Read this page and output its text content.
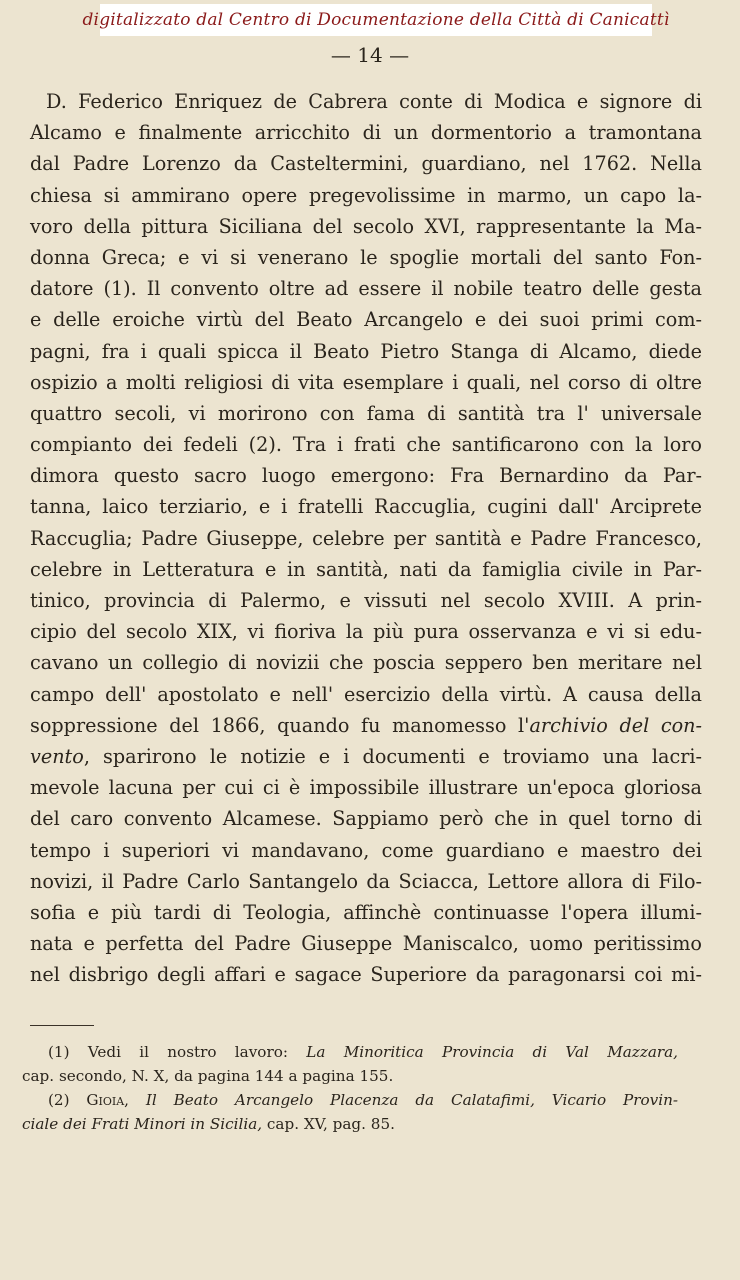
digitalizzato dal Centro di Documentazione della Città di Canicattì
— 14 —
D. Federico Enriquez de Cabrera conte di Modica e signore di
Alcamo e finalmente arricchito di un dormentorio a tramontana
dal Padre Lorenzo da Casteltermini, guardiano, nel 1762. Nella
chiesa si ammirano opere pregevolissime in marmo, un capo la-
voro della pittura Siciliana del secolo XVI, rappresentante la Ma-
donna Greca; e vi si venerano le spoglie mortali del santo Fon-
datore (1). Il convento oltre ad essere il nobile teatro delle gesta
e delle eroiche virtù del Beato Arcangelo e dei suoi primi com-
pagni, fra i quali spicca il Beato Pietro Stanga di Alcamo, diede
ospizio a molti religiosi di vita esemplare i quali, nel corso di oltre
quattro secoli, vi morirono con fama di santità tra l' universale
compianto dei fedeli (2). Tra i frati che santificarono con la loro
dimora questo sacro luogo emergono: Fra Bernardino da Par-
tanna, laico terziario, e i fratelli Raccuglia, cugini dall' Arciprete
Raccuglia; Padre Giuseppe, celebre per santità e Padre Francesco,
celebre in Letteratura e in santità, nati da famiglia civile in Par-
tinico, provincia di Palermo, e vissuti nel secolo XVIII. A prin-
cipio del secolo XIX, vi fioriva la più pura osservanza e vi si edu-
cavano un collegio di novizii che poscia seppero ben meritare nel
campo dell' apostolato e nell' esercizio della virtù. A causa della
soppressione del 1866, quando fu manomesso l'archivio del con-
vento, sparirono le notizie e i documenti e troviamo una lacri-
mevole lacuna per cui ci è impossibile illustrare un'epoca gloriosa
del caro convento Alcamese. Sappiamo però che in quel torno di
tempo i superiori vi mandavano, come guardiano e maestro dei
novizi, il Padre Carlo Santangelo da Sciacca, Lettore allora di Filo-
sofia e più tardi di Teologia, affinchè continuasse l'opera illumi-
nata e perfetta del Padre Giuseppe Maniscalco, uomo peritissimo
nel disbrigo degli affari e sagace Superiore da paragonarsi coi mi-
(1) Vedi il nostro lavoro: La Minoritica Provincia di Val Mazzara,
cap. secondo, N. X, da pagina 144 a pagina 155.
(2) Gioia, Il Beato Arcangelo Placenza da Calatafimi, Vicario Provin-
ciale dei Frati Minori in Sicilia, cap. XV, pag. 85.
